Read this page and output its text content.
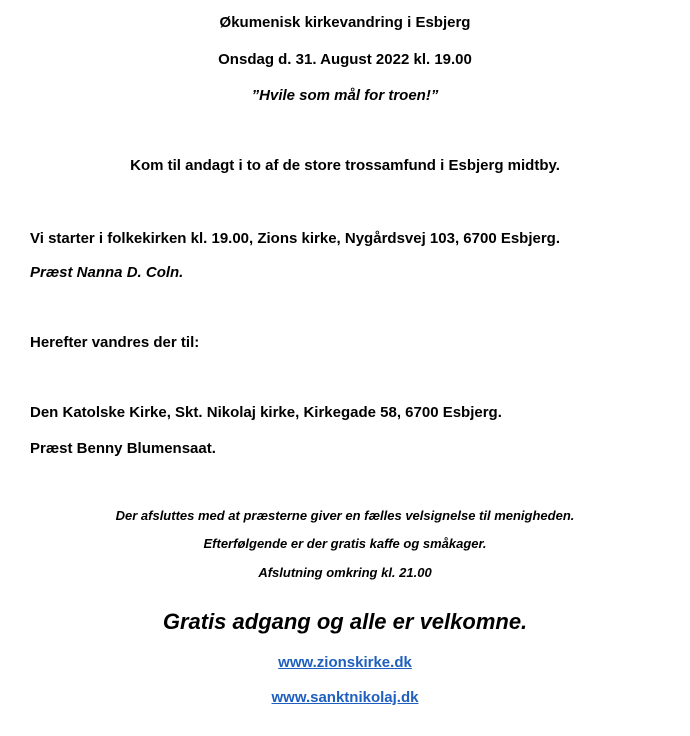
Økumenisk kirkevandring i Esbjerg
Onsdag d. 31. August 2022 kl. 19.00
”Hvile som mål for troen!”
Kom til andagt i to af de store trossamfund i Esbjerg midtby.
Vi starter i folkekirken kl. 19.00, Zions kirke, Nygårdsvej 103, 6700 Esbjerg.
Præst Nanna D. Coln.
Herefter vandres der til:
Den Katolske Kirke, Skt. Nikolaj kirke, Kirkegade 58, 6700 Esbjerg.
Præst Benny Blumensaat.
Der afsluttes med at præsterne giver en fælles velsignelse til menigheden.
Efterfølgende er der gratis kaffe og småkager.
Afslutning omkring kl. 21.00
Gratis adgang og alle er velkomne.
www.zionskirke.dk
www.sanktnikolaj.dk
